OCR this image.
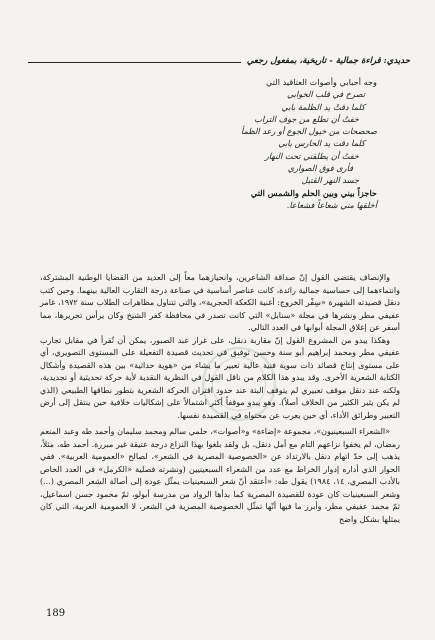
حديدي: قراءة جمالية - تاريخية، بمفعول رجعي
وجه أحبابي وأصوات العتاقيد التي
تصرخ في قلب الخوابي
كلما دقتْ يد الظلمة بابي
خفتُ أن تطلع من جوف التراب
صحصحات من خيول الجوع أو رعد الظمأ
كلما دقت يد الحارس بابي
خفتُ أن يطلقني تحت النهار
فأرى فوق الصواري
جسد النهر القتيل
حاجزاً بيني وبين الحلم والشمس التي
أخلقها مني شعاعاً فشعاعا.

والإنصاف يقتضي القول إنّ صداقة الشاعرين، وانحيازهما معاً إلى العديد من القضايا الوطنية المشتركة، وانتماءهما إلى حساسية جمالية رائدة، كانت عناصر أساسية في صناعة درجة التقارب العالية بينهما. وحين كتب دنقل قصيدته الشهيرة «سِفْر الخروج: أغنية الكعكة الحجرية»، والتي تتناول مظاهرات الطلاب سنة ١٩٧٢، غامر عفيفي مطر ونشرها في مجلة «سنابل» التي كانت تصدر في محافظة كفر الشيخ وكان يرأس تحريرها، مما أسفر عن إغلاق المجلة أبوابها في العدد التالي.

وهكذا يبدو من المشروع القول إنّ مقاربة دنقل، على غرار عبد الصبور، يمكن أن تُقرأ في مقابل تجارب عفيفي مطر ومحمد إبراهيم أبو سنة وحسن توفيق في تحديث قصيدة التفعيلة على المستوى التصويري، أي على مستوى إنتاج قصائد ذات سوية فنية عالية تعبير ما يشاء من «هوية حداثية» بين هذه القصيدة وأشكال الكتابة الشعرية الأخرى. وقد يبدو هذا الكلام من ناقل القول في النظرية النقدية لأية حركة تحديثية أو تجديدية، ولكنه عند دنقل موقف تعبيري لم يتوقف البتة عند حدود اقتران الحركة الشعرية بتطور نطاقها الطبيعي (الذي لم يكن يثير الكثير من الخلاف أصلاً). وهو يبدو موقفاً أكثر اشتمالاً على إشكاليات خلافية حين ينتقل إلى أرض التعبير وطرائق الأداء، أي حين يعرب عن محتواه في القصيدة نفسها.

«الشعراء السبعينيون»، مجموعة «إضاءة» و«أصوات»، حلمي سالم ومحمد سليمان وأحمد طه وعبد المنعم رمضان، لم يخفوا نزاعهم التام مع أمل دنقل، بل ولقد بلغوا بهذا النزاع درجة عتيقة غير مبررة. أحمد طه، مثلاً، يذهب إلى حدّ اتهام دنقل بالارتداد عن «الخصوصية المصرية في الشعر»، لصالح «العمومية العربية». ففي الحوار الذي أداره إدوار الخراط مع عدد من الشعراء السبعينيين (ونشرته فصلية «الكرمل» في العدد الخاص بالأدب المصري، ١٤، ١٩٨٤) يقول طه: «أعتقد أنّ شعر السبعينيات يمثّل عودة إلى أصالة الشعر المصري (...) وشعر السبعينيات كان عودة للقصيدة المصرية كما بدأها الرواد من مدرسة أبولو، ثمّ محمود حسن اسماعيل، ثمّ محمد عفيفي مطر، وأبرز ما فيها أنّها تمثّل الخصوصية المصرية في الشعر، لا العمومية العربية، التي كان يمثلها بشكل واضح

189
